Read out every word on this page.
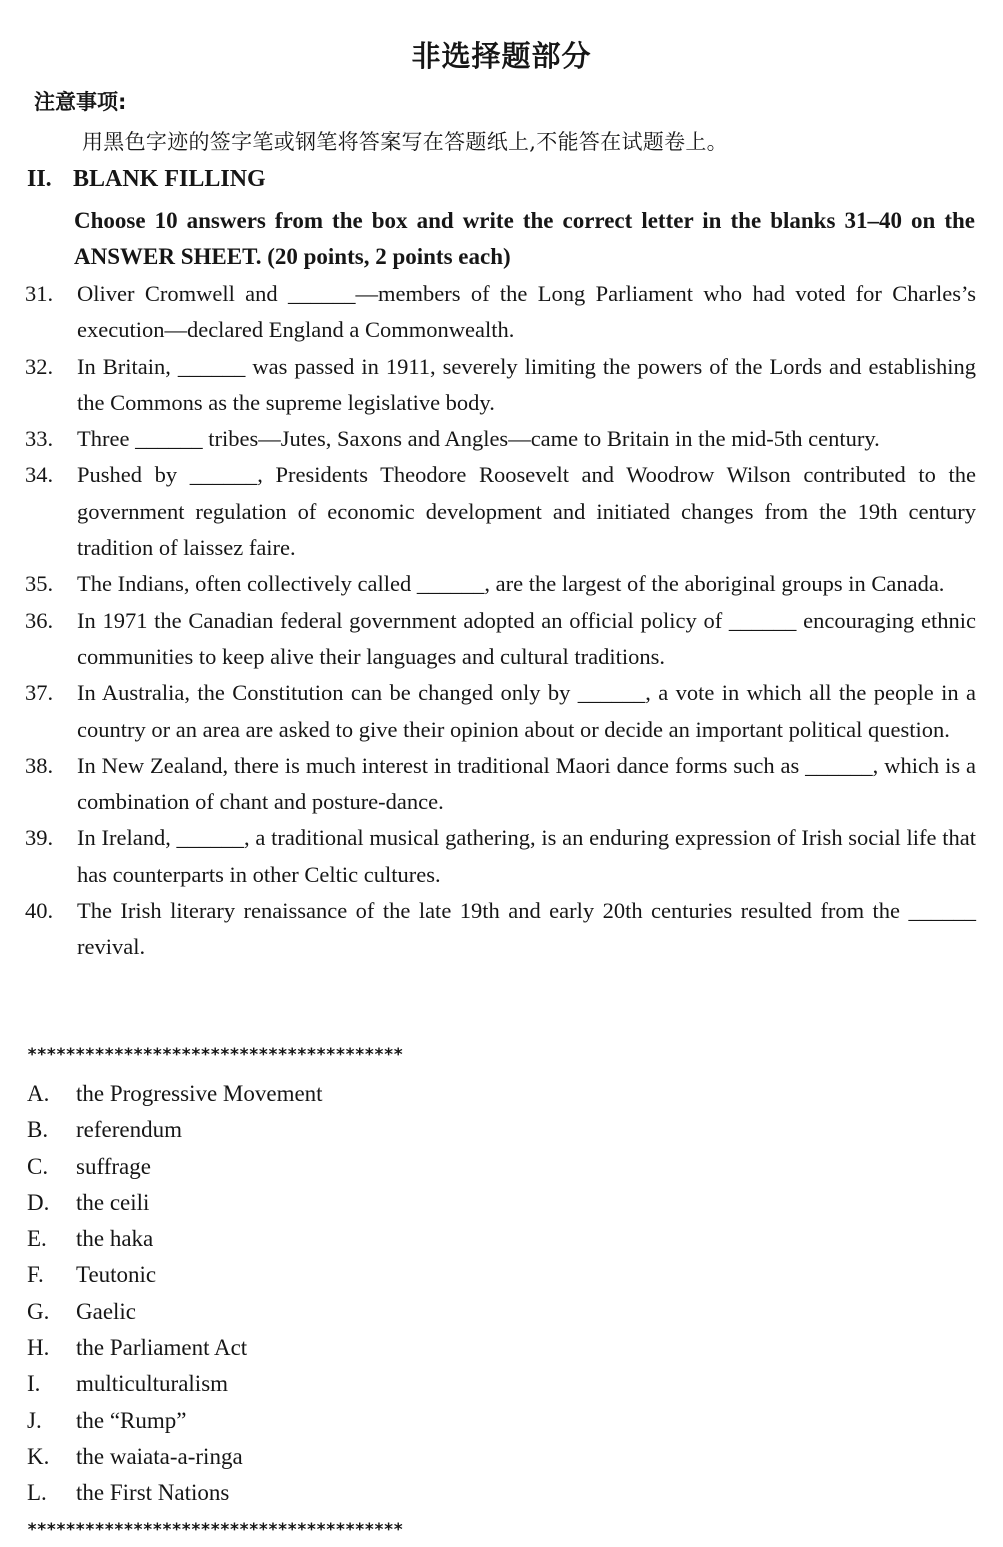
非选择题部分
注意事项:
用黑色字迹的签字笔或钢笔将答案写在答题纸上,不能答在试题卷上。
II. BLANK FILLING
Choose 10 answers from the box and write the correct letter in the blanks 31–40 on the ANSWER SHEET. (20 points, 2 points each)
31.	Oliver Cromwell and ______—members of the Long Parliament who had voted for Charles’s execution—declared England a Commonwealth.
32.	In Britain, ______ was passed in 1911, severely limiting the powers of the Lords and establishing the Commons as the supreme legislative body.
33.	Three ______ tribes—Jutes, Saxons and Angles—came to Britain in the mid-5th century.
34.	Pushed by ______, Presidents Theodore Roosevelt and Woodrow Wilson contributed to the government regulation of economic development and initiated changes from the 19th century tradition of laissez faire.
35.	The Indians, often collectively called ______, are the largest of the aboriginal groups in Canada.
36.	In 1971 the Canadian federal government adopted an official policy of ______ encouraging ethnic communities to keep alive their languages and cultural traditions.
37.	In Australia, the Constitution can be changed only by ______, a vote in which all the people in a country or an area are asked to give their opinion about or decide an important political question.
38.	In New Zealand, there is much interest in traditional Maori dance forms such as ______, which is a combination of chant and posture-dance.
39.	In Ireland, ______, a traditional musical gathering, is an enduring expression of Irish social life that has counterparts in other Celtic cultures.
40.	The Irish literary renaissance of the late 19th and early 20th centuries resulted from the ______ revival.
***************************************
A. the Progressive Movement
B. referendum
C. suffrage
D. the ceili
E. the haka
F. Teutonic
G. Gaelic
H. the Parliament Act
I. multiculturalism
J. the “Rump”
K. the waiata-a-ringa
L. the First Nations
***************************************
